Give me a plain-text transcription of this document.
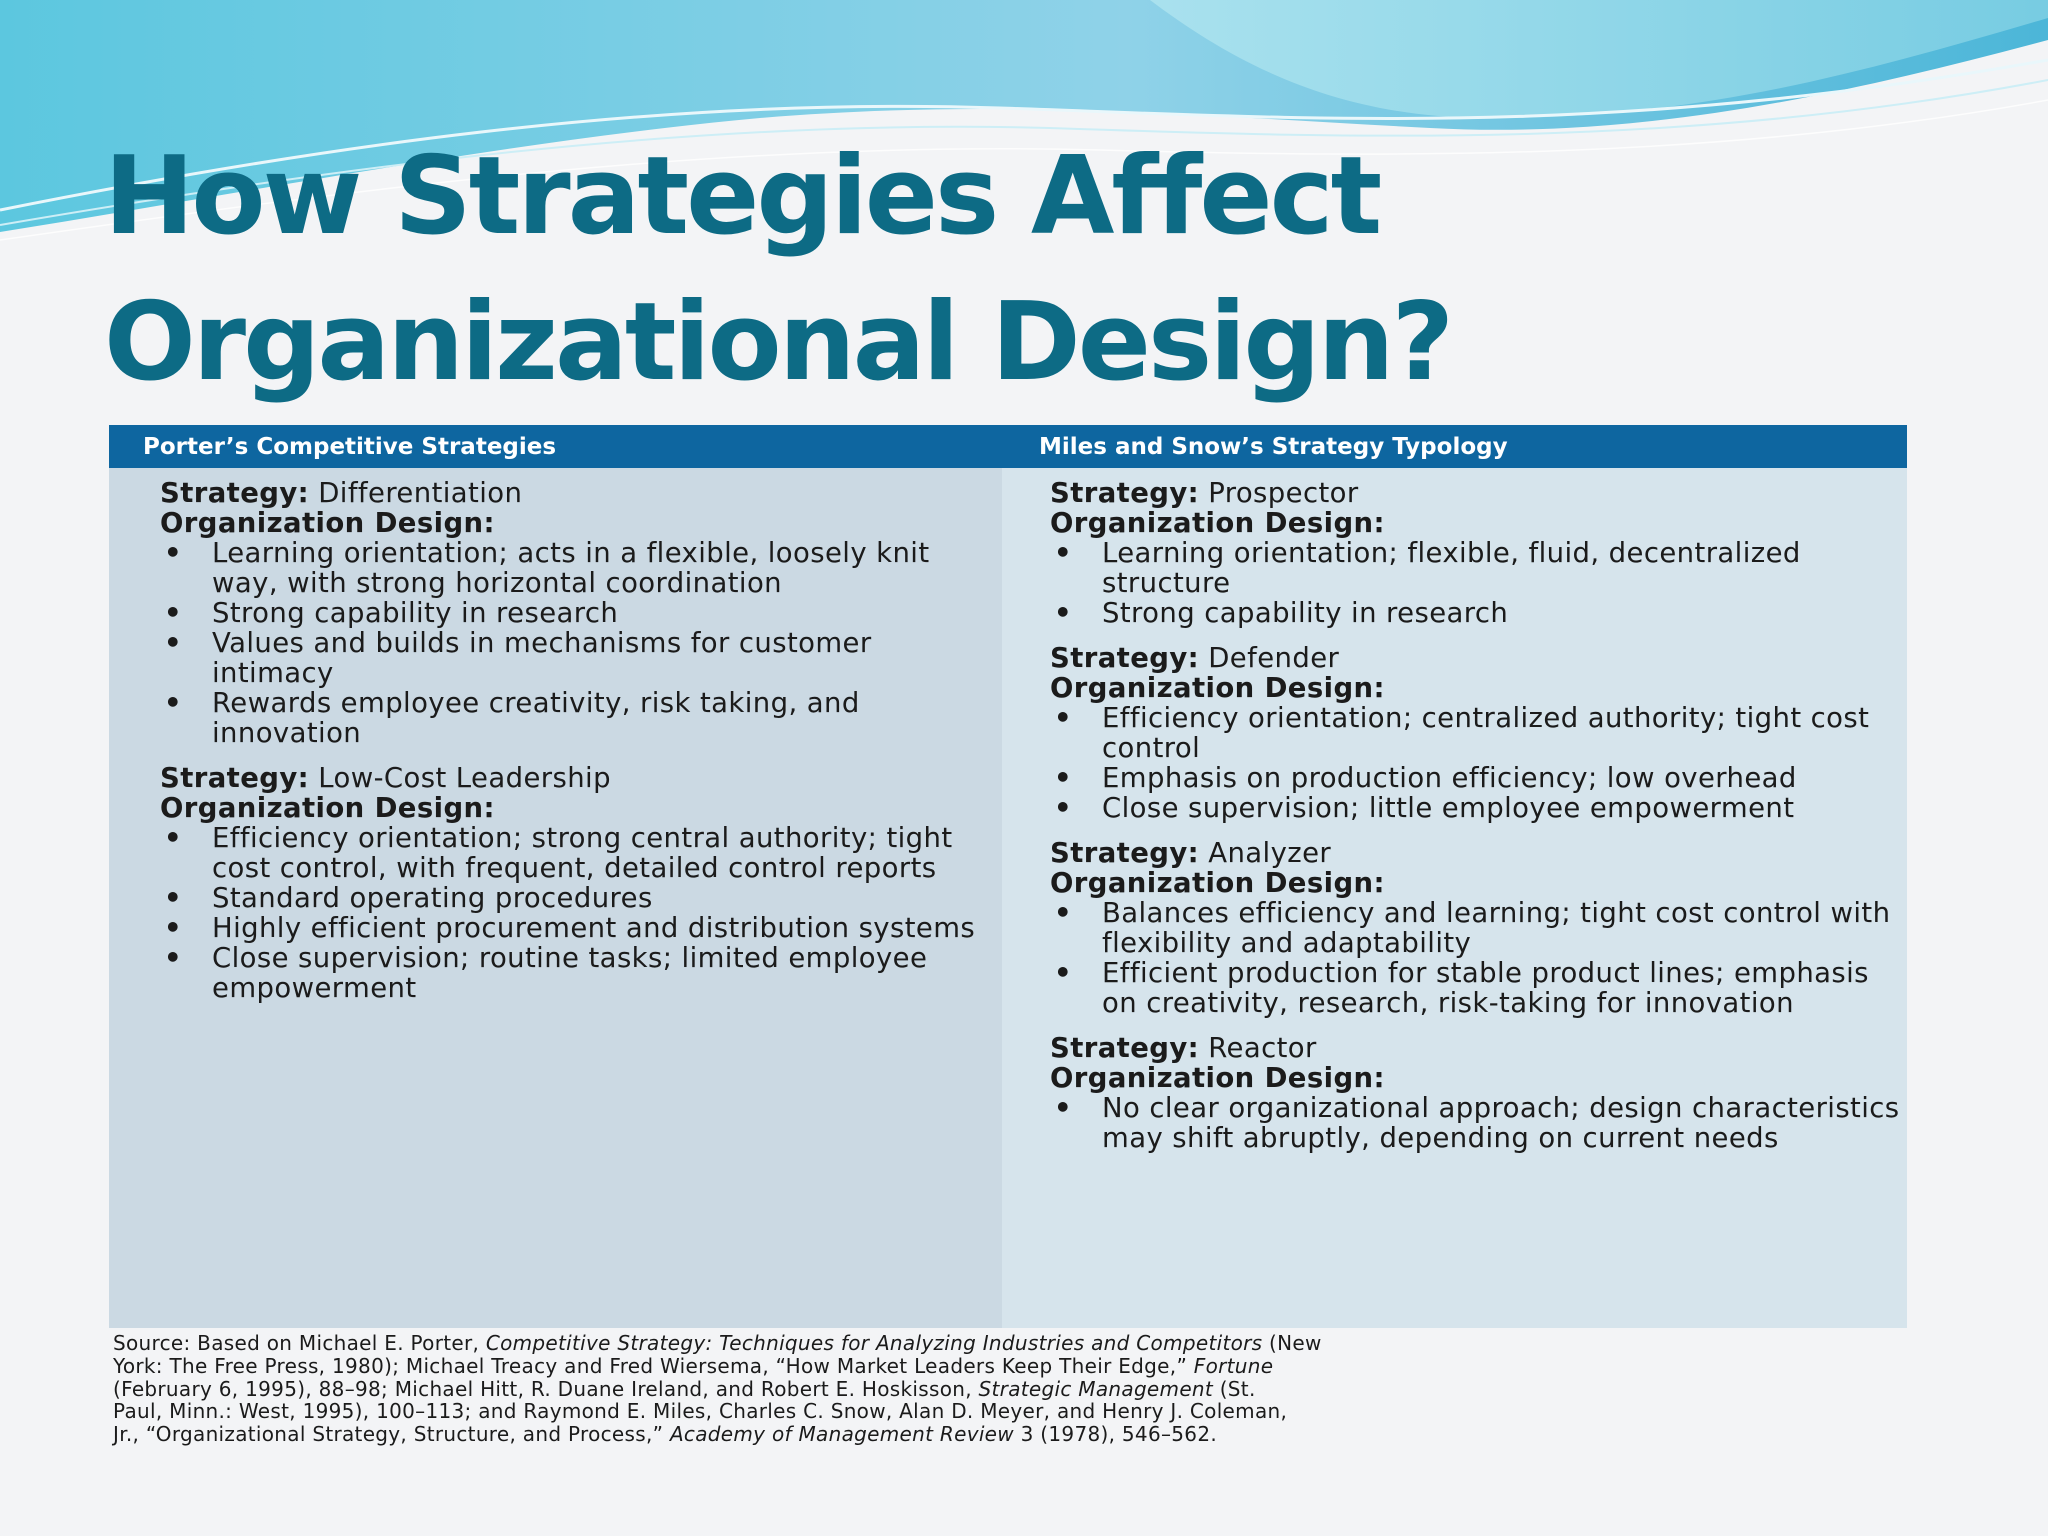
How Strategies Affect
Organizational Design?
Porter’s Competitive Strategies	Miles and Snow’s Strategy Typology
Strategy: Differentiation
Organization Design:
• Learning orientation; acts in a flexible, loosely knit way, with strong horizontal coordination
• Strong capability in research
• Values and builds in mechanisms for customer intimacy
• Rewards employee creativity, risk taking, and innovation
Strategy: Low-Cost Leadership
Organization Design:
• Efficiency orientation; strong central authority; tight cost control, with frequent, detailed control reports
• Standard operating procedures
• Highly efficient procurement and distribution systems
• Close supervision; routine tasks; limited employee empowerment
Strategy: Prospector
Organization Design:
• Learning orientation; flexible, fluid, decentralized structure
• Strong capability in research
Strategy: Defender
Organization Design:
• Efficiency orientation; centralized authority; tight cost control
• Emphasis on production efficiency; low overhead
• Close supervision; little employee empowerment
Strategy: Analyzer
Organization Design:
• Balances efficiency and learning; tight cost control with flexibility and adaptability
• Efficient production for stable product lines; emphasis on creativity, research, risk-taking for innovation
Strategy: Reactor
Organization Design:
• No clear organizational approach; design characteristics may shift abruptly, depending on current needs

Source: Based on Michael E. Porter, Competitive Strategy: Techniques for Analyzing Industries and Competitors (New

York: The Free Press, 1980); Michael Treacy and Fred Wiersema, “How Market Leaders Keep Their Edge,” Fortune

(February 6, 1995), 88–98; Michael Hitt, R. Duane Ireland, and Robert E. Hoskisson, Strategic Management (St.

Paul, Minn.: West, 1995), 100–113; and Raymond E. Miles, Charles C. Snow, Alan D. Meyer, and Henry J. Coleman,

Jr., “Organizational Strategy, Structure, and Process,” Academy of Management Review 3 (1978), 546–562.
